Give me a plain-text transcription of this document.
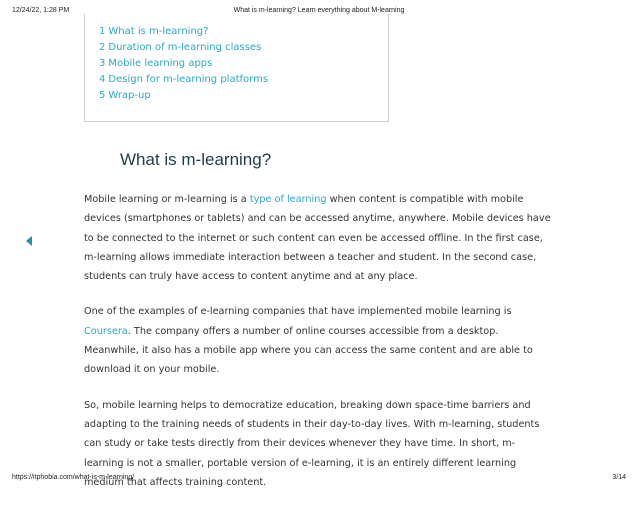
12/24/22, 1:28 PM	What is m-learning? Learn everything about M-learning
1 What is m-learning?
2 Duration of m-learning classes
3 Mobile learning apps
4 Design for m-learning platforms
5 Wrap-up
What is m-learning?

Mobile learning or m-learning is a type of learning when content is compatible with mobile devices (smartphones or tablets) and can be accessed anytime, anywhere. Mobile devices have to be connected to the internet or such content can even be accessed offline. In the first case, m-learning allows immediate interaction between a teacher and student. In the second case, students can truly have access to content anytime and at any place.

One of the examples of e-learning companies that have implemented mobile learning is Coursera. The company offers a number of online courses accessible from a desktop. Meanwhile, it also has a mobile app where you can access the same content and are able to download it on your mobile.

So, mobile learning helps to democratize education, breaking down space-time barriers and adapting to the training needs of students in their day-to-day lives. With m-learning, students can study or take tests directly from their devices whenever they have time. In short, m-learning is not a smaller, portable version of e-learning, it is an entirely different learning medium that affects training content.

https://itphobia.com/what-is-m-learning/	3/14
